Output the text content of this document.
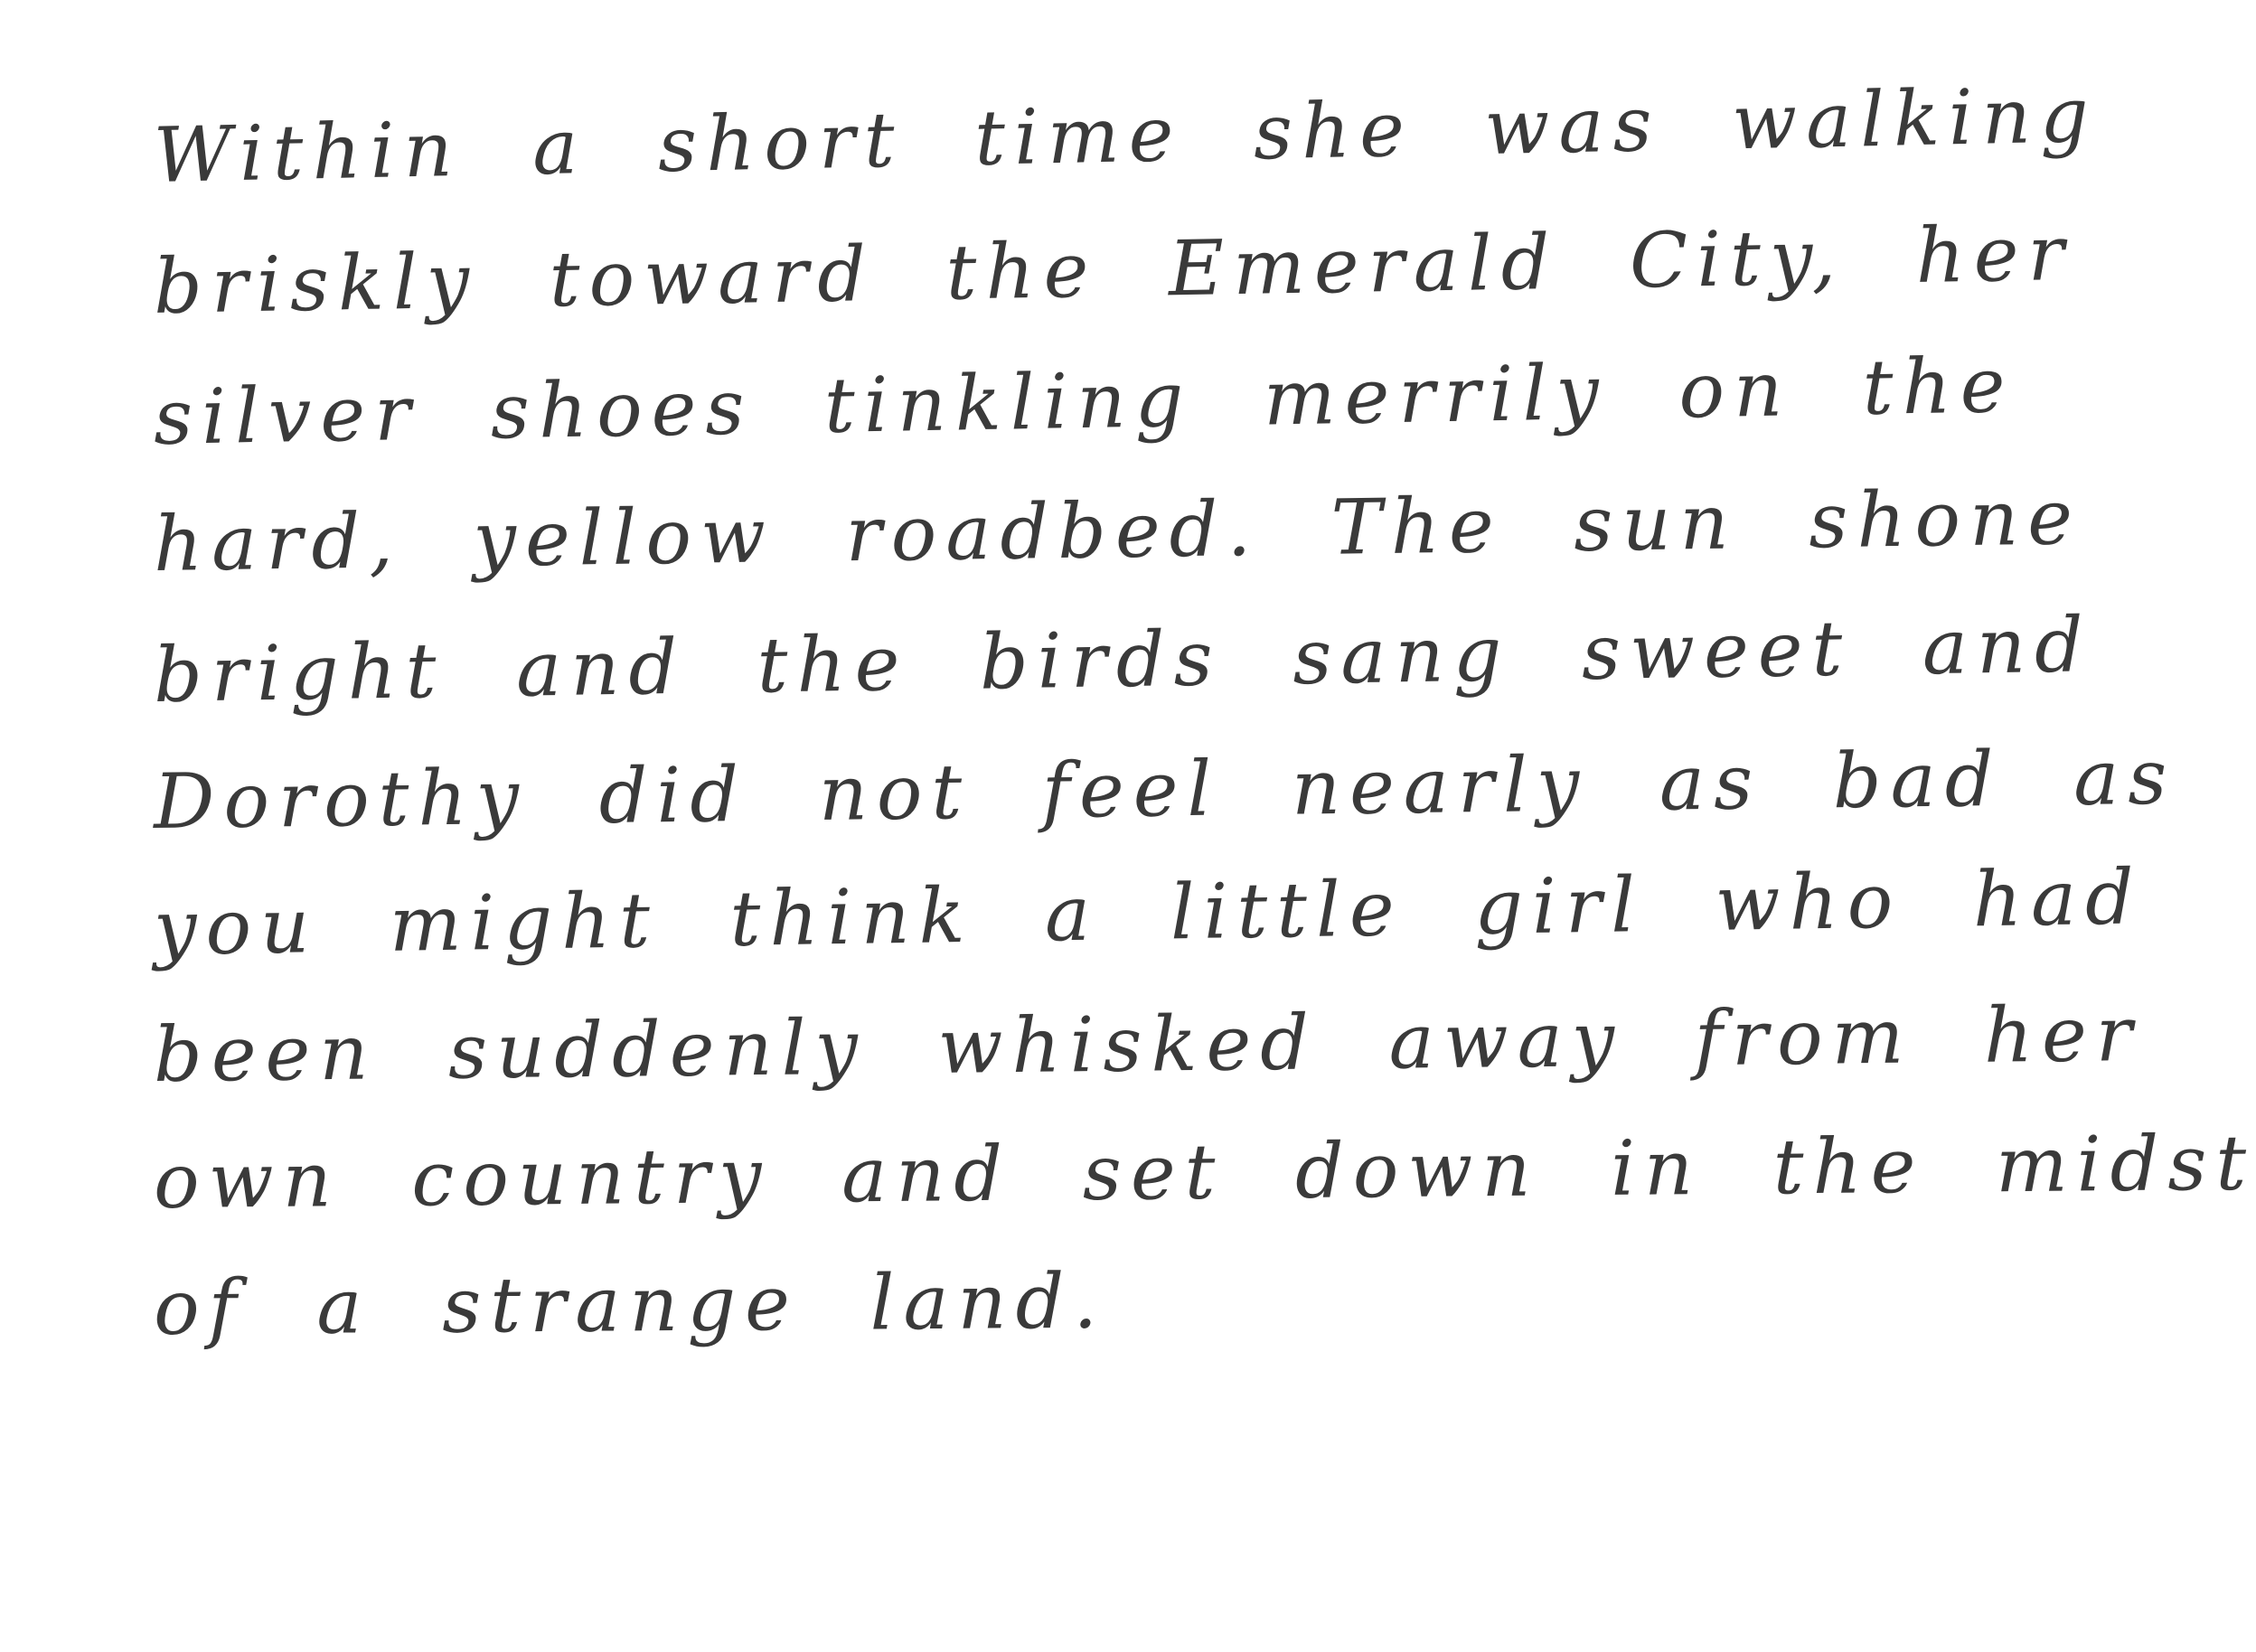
Within a short time she was walking
briskly toward the Emerald City, her
silver shoes tinkling merrily on the
hard, yellow roadbed. The sun shone
bright and the birds sang sweet and
Dorothy did not feel nearly as bad as
you might think a little girl who had
been suddenly whisked away from her
own country and set down in the midst
of a strange land.
